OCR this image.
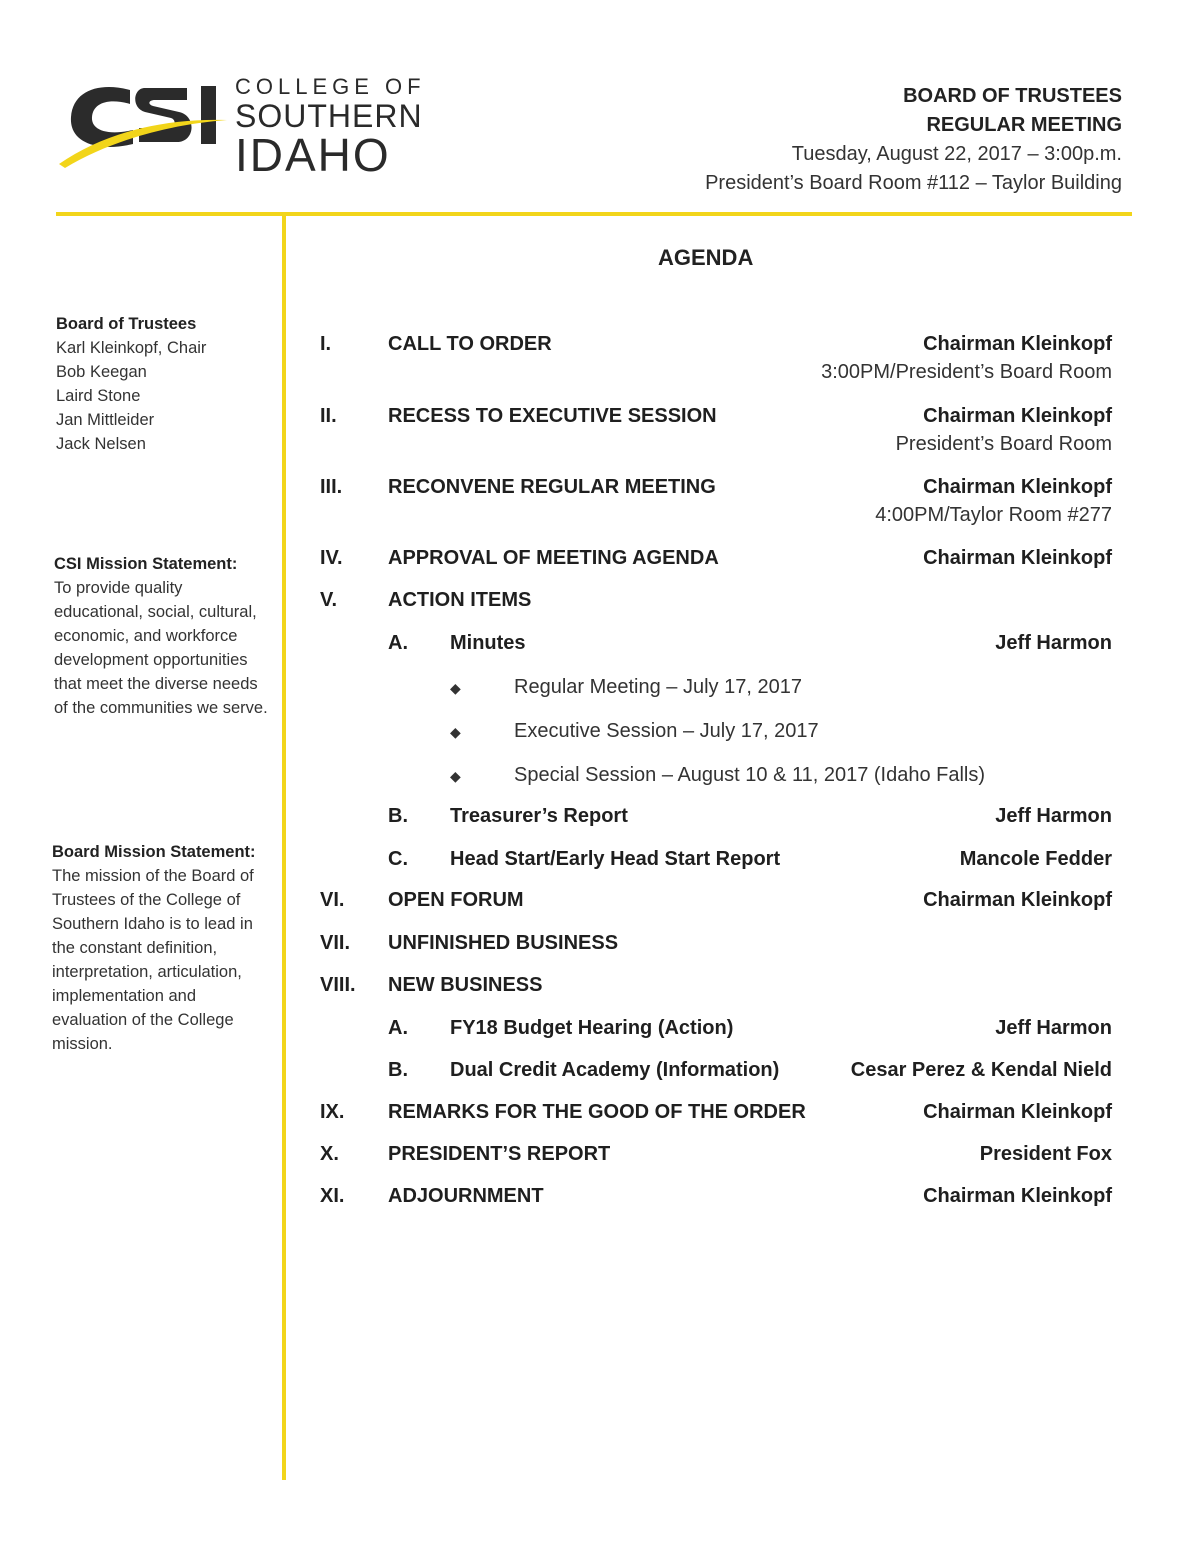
COLLEGE OF
SOUTHERN
IDAHO
BOARD OF TRUSTEES
REGULAR MEETING
Tuesday, August 22, 2017 – 3:00p.m.
President’s Board Room #112 – Taylor Building
Board of Trustees
Karl Kleinkopf, Chair
Bob Keegan
Laird Stone
Jan Mittleider
Jack Nelsen
CSI Mission Statement:
To provide quality educational, social, cultural, economic, and workforce development opportunities that meet the diverse needs of the communities we serve.
Board Mission Statement:
The mission of the Board of Trustees of the College of Southern Idaho is to lead in the constant definition, interpretation, articulation, implementation and evaluation of the College mission.
AGENDA
I.	CALL TO ORDER	Chairman Kleinkopf
3:00PM/President’s Board Room
II.	RECESS TO EXECUTIVE SESSION	Chairman Kleinkopf
President’s Board Room
III. RECONVENE REGULAR MEETING	Chairman Kleinkopf
4:00PM/Taylor Room #277
IV. APPROVAL OF MEETING AGENDA	Chairman Kleinkopf
V.	ACTION ITEMS
A. Minutes	Jeff Harmon
◆	Regular Meeting – July 17, 2017
◆	Executive Session – July 17, 2017
◆	Special Session – August 10 & 11, 2017 (Idaho Falls)
B. Treasurer’s Report	Jeff Harmon
C. Head Start/Early Head Start Report	Mancole Fedder
VI. OPEN FORUM	Chairman Kleinkopf
VII. UNFINISHED BUSINESS
VIII. NEW BUSINESS
A. FY18 Budget Hearing (Action)	Jeff Harmon
B. Dual Credit Academy (Information)	Cesar Perez & Kendal Nield
IX. REMARKS FOR THE GOOD OF THE ORDER	Chairman Kleinkopf
X. PRESIDENT’S REPORT	President Fox
XI. ADJOURNMENT	Chairman Kleinkopf
